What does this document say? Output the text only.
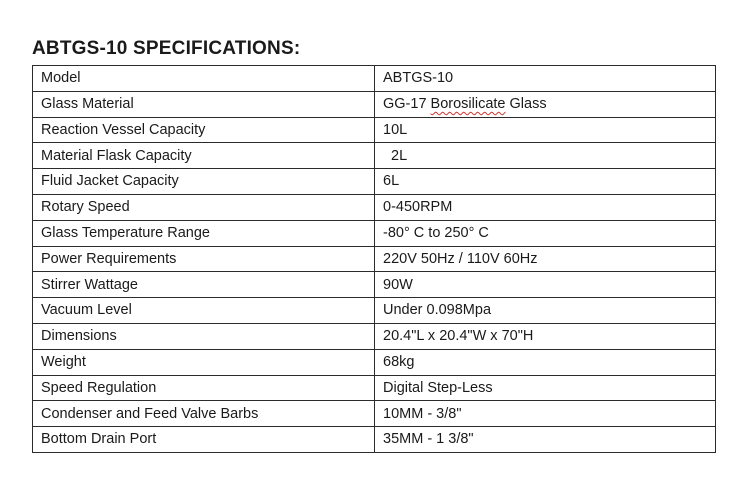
ABTGS-10 SPECIFICATIONS:
Model	ABTGS-10
Glass Material	GG-17 Borosilicate Glass
Reaction Vessel Capacity	10L
Material Flask Capacity	2L
Fluid Jacket Capacity	6L
Rotary Speed	0-450RPM
Glass Temperature Range	-80° C to 250° C
Power Requirements	220V 50Hz / 110V 60Hz
Stirrer Wattage	90W
Vacuum Level	Under 0.098Mpa
Dimensions	20.4"L x 20.4"W x 70"H
Weight	68kg
Speed Regulation	Digital Step-Less
Condenser and Feed Valve Barbs	10MM - 3/8"
Bottom Drain Port	35MM - 1 3/8"
